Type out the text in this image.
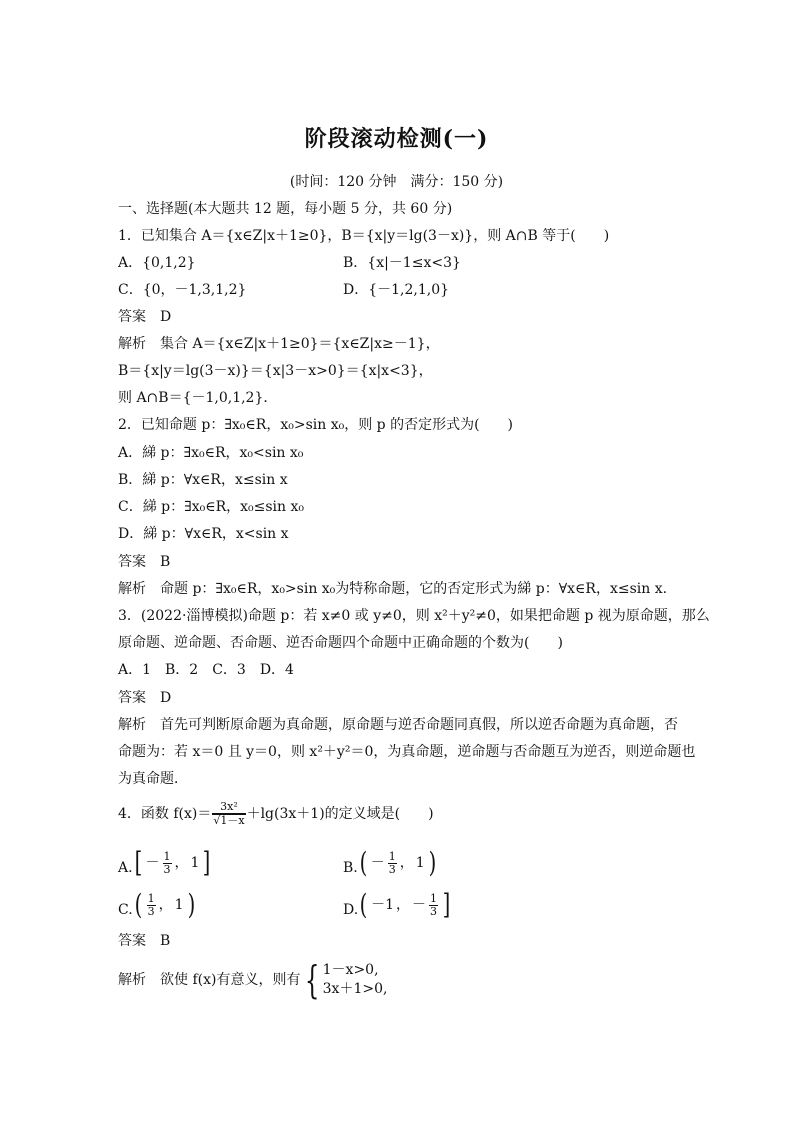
阶段滚动检测(一)
(时间：120 分钟　满分：150 分)
一、选择题(本大题共 12 题，每小题 5 分，共 60 分)
1．已知集合 A＝{x∈Z|x＋1≥0}，B＝{x|y＝lg(3－x)}，则 A∩B 等于(　　)
A．{0,1,2}	B．{x|－1≤x<3}
C．{0，－1,3,1,2}	D．{－1,2,1,0}
答案　D
解析　集合 A＝{x∈Z|x＋1≥0}＝{x∈Z|x≥－1}，
B＝{x|y＝lg(3－x)}＝{x|3－x>0}＝{x|x<3}，
则 A∩B＝{－1,0,1,2}．
2．已知命题 p：∃x₀∈R，x₀>sin x₀，则 p 的否定形式为(　　)
A．綈 p：∃x₀∈R，x₀<sin x₀
B．綈 p：∀x∈R，x≤sin x
C．綈 p：∃x₀∈R，x₀≤sin x₀
D．綈 p：∀x∈R，x<sin x
答案　B
解析　命题 p：∃x₀∈R，x₀>sin x₀为特称命题，它的否定形式为綈 p：∀x∈R，x≤sin x.
3．(2022·淄博模拟)命题 p：若 x≠0 或 y≠0，则 x²＋y²≠0，如果把命题 p 视为原命题，那么
原命题、逆命题、否命题、逆否命题四个命题中正确命题的个数为(　　)
A．1　B．2　C．3　D．4
答案　D
解析　首先可判断原命题为真命题，原命题与逆否命题同真假，所以逆否命题为真命题，否
命题为：若 x＝0 且 y＝0，则 x²＋y²＝0，为真命题，逆命题与否命题互为逆否，则逆命题也
为真命题．
4．函数 $f(x)= \frac{\text{3x²}}{√1-x} +\lg(3x+1)$的定义域是(　　)
A. [ － $\frac{1}{3}$ ， 1 ]	B. ( － $\frac{1}{3}$ ， 1 )
C. ( $\frac{1}{3}$ ， 1 )	D. ( －1 ， － $\frac{1}{3}$ ]
答案　B
解析　欲使 f(x)有意义，则有 { 1－x>0,
3x＋1>0,
